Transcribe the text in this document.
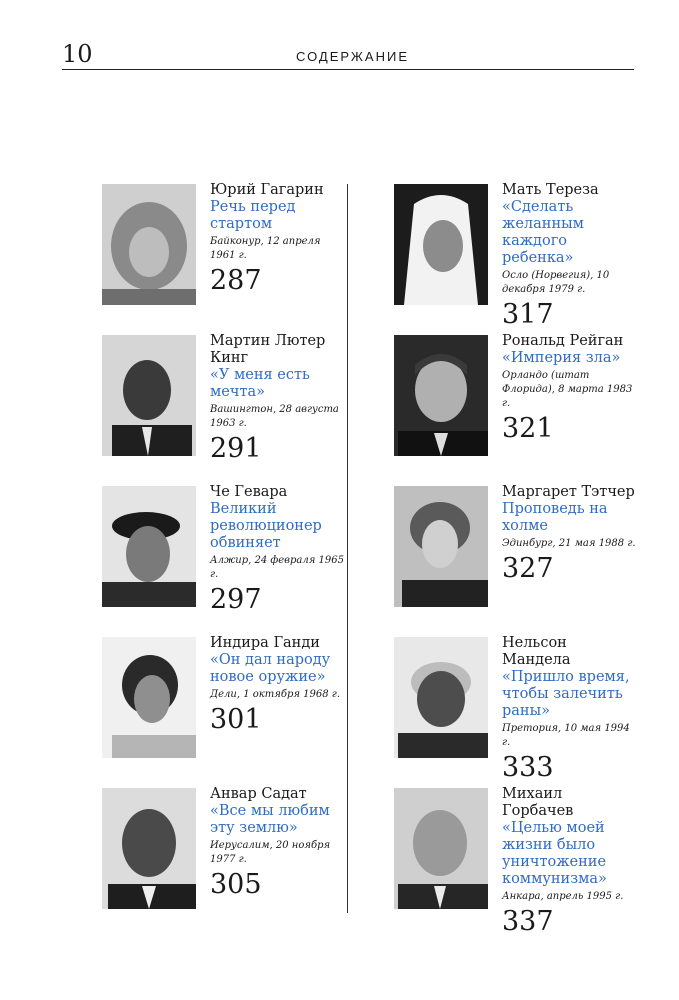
10	СОДЕРЖАНИЕ
Юрий Гагарин
Речь перед стартом
Байконур, 12 апреля 1961 г.
287
Мартин Лютер Кинг
«У меня есть мечта»
Вашингтон, 28 августа 1963 г.
291
Че Гевара
Великий революционер обвиняет
Алжир, 24 февраля 1965 г.
297
Индира Ганди
«Он дал народу новое оружие»
Дели, 1 октября 1968 г.
301
Анвар Садат
«Все мы любим эту землю»
Иерусалим, 20 ноября 1977 г.
305
Мать Тереза
«Сделать желанным каждого ребенка»
Осло (Норвегия), 10 декабря 1979 г.
317
Рональд Рейган
«Империя зла»
Орландо (штат Флорида), 8 марта 1983 г.
321
Маргарет Тэтчер
Проповедь на холме
Эдинбург, 21 мая 1988 г.
327
Нельсон Мандела
«Пришло время, чтобы залечить раны»
Претория, 10 мая 1994 г.
333
Михаил Горбачев
«Целью моей жизни было уничтожение коммунизма»
Анкара, апрель 1995 г.
337
